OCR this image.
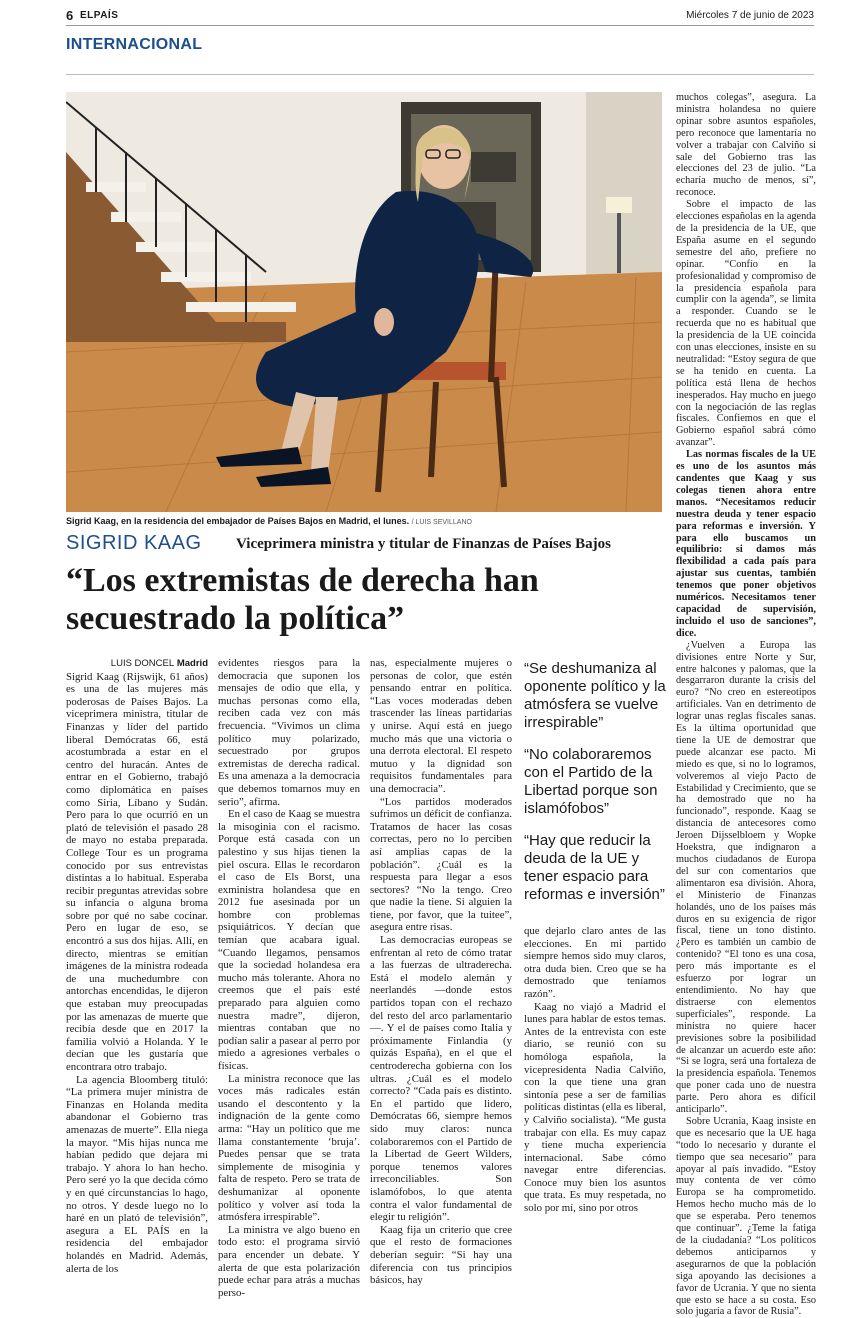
6 ELPAÍS	Miércoles 7 de junio de 2023
INTERNACIONAL
Sigrid Kaag, en la residencia del embajador de Países Bajos en Madrid, el lunes. / LUIS SEVILLANO
SIGRID KAAG Viceprimera ministra y titular de Finanzas de Países Bajos
“Los extremistas de derecha han secuestrado la política”

LUIS DONCEL Madrid

Sigrid Kaag (Rijswijk, 61 años) es una de las mujeres más poderosas de Países Bajos. La viceprimera ministra, titular de Finanzas y líder del partido liberal Demócratas 66, está acostumbrada a estar en el centro del huracán. Antes de entrar en el Gobierno, trabajó como diplomática en países como Siria, Líbano y Sudán. Pero para lo que ocurrió en un plató de televisión el pasado 28 de mayo no estaba preparada. College Tour es un programa conocido por sus entrevistas distintas a lo habitual. Esperaba recibir preguntas atrevidas sobre su infancia o alguna broma sobre por qué no sabe cocinar. Pero en lugar de eso, se encontró a sus dos hijas. Allí, en directo, mientras se emitían imágenes de la ministra rodeada de una muchedumbre con antorchas encendidas, le dijeron que estaban muy preocupadas por las amenazas de muerte que recibía desde que en 2017 la familia volvió a Holanda. Y le decían que les gustaría que encontrara otro trabajo.

La agencia Bloomberg tituló: “La primera mujer ministra de Finanzas en Holanda medita abandonar el Gobierno tras amenazas de muerte”. Ella niega la mayor. “Mis hijas nunca me habían pedido que dejara mi trabajo. Y ahora lo han hecho. Pero seré yo la que decida cómo y en qué circunstancias lo hago, no otros. Y desde luego no lo haré en un plató de televisión”, asegura a EL PAÍS en la residencia del embajador holandés en Madrid. Además, alerta de los

evidentes riesgos para la democracia que suponen los mensajes de odio que ella, y muchas personas como ella, reciben cada vez con más frecuencia. “Vivimos un clima político muy polarizado, secuestrado por grupos extremistas de derecha radical. Es una amenaza a la democracia que debemos tomarnos muy en serio”, afirma.

En el caso de Kaag se muestra la misoginia con el racismo. Porque está casada con un palestino y sus hijas tienen la piel oscura. Ellas le recordaron el caso de Els Borst, una exministra holandesa que en 2012 fue asesinada por un hombre con problemas psiquiátricos. Y decían que temían que acabara igual. “Cuando llegamos, pensamos que la sociedad holandesa era mucho más tolerante. Ahora no creemos que el país esté preparado para alguien como nuestra madre”, dijeron, mientras contaban que no podían salir a pasear al perro por miedo a agresiones verbales o físicas.

La ministra reconoce que las voces más radicales están usando el descontento y la indignación de la gente como arma: “Hay un político que me llama constantemente ‘bruja’. Puedes pensar que se trata simplemente de misoginia y falta de respeto. Pero se trata de deshumanizar al oponente político y volver así toda la atmósfera irrespirable”.

La ministra ve algo bueno en todo esto: el programa sirvió para encender un debate. Y alerta de que esta polarización puede echar para atrás a muchas perso-

nas, especialmente mujeres o personas de color, que estén pensando entrar en política. “Las voces moderadas deben trascender las líneas partidarias y unirse. Aquí está en juego mucho más que una victoria o una derrota electoral. El respeto mutuo y la dignidad son requisitos fundamentales para una democracia”.

“Los partidos moderados sufrimos un déficit de confianza. Tratamos de hacer las cosas correctas, pero no lo perciben así amplias capas de la población”. ¿Cuál es la respuesta para llegar a esos sectores? “No la tengo. Creo que nadie la tiene. Si alguien la tiene, por favor, que la tuitee”, asegura entre risas.

Las democracias europeas se enfrentan al reto de cómo tratar a las fuerzas de ultraderecha. Está el modelo alemán y neerlandés —donde estos partidos topan con el rechazo del resto del arco parlamentario—. Y el de países como Italia y próximamente Finlandia (y quizás España), en el que el centroderecha gobierna con los ultras. ¿Cuál es el modelo correcto? “Cada país es distinto. En el partido que lidero, Demócratas 66, siempre hemos sido muy claros: nunca colaboraremos con el Partido de la Libertad de Geert Wilders, porque tenemos valores irreconciliables. Son islamófobos, lo que atenta contra el valor fundamental de elegir tu religión”.

Kaag fija un criterio que cree que el resto de formaciones deberían seguir: “Si hay una diferencia con tus principios básicos, hay

“Se deshumaniza al oponente político y la atmósfera se vuelve irrespirable”

“No colaboraremos con el Partido de la Libertad porque son islamófobos”

“Hay que reducir la deuda de la UE y tener espacio para reformas e inversión”

que dejarlo claro antes de las elecciones. En mi partido siempre hemos sido muy claros, otra duda bien. Creo que se ha demostrado que teníamos razón”.

Kaag no viajó a Madrid el lunes para hablar de estos temas. Antes de la entrevista con este diario, se reunió con su homóloga española, la vicepresidenta Nadia Calviño, con la que tiene una gran sintonía pese a ser de familias políticas distintas (ella es liberal, y Calviño socialista). “Me gusta trabajar con ella. Es muy capaz y tiene mucha experiencia internacional. Sabe cómo navegar entre diferencias. Conoce muy bien los asuntos que trata. Es muy respetada, no solo por mí, sino por otros

muchos colegas”, asegura. La ministra holandesa no quiere opinar sobre asuntos españoles, pero reconoce que lamentaría no volver a trabajar con Calviño si sale del Gobierno tras las elecciones del 23 de julio. “La echaría mucho de menos, sí”, reconoce.

Sobre el impacto de las elecciones españolas en la agenda de la presidencia de la UE, que España asume en el segundo semestre del año, prefiere no opinar. “Confío en la profesionalidad y compromiso de la presidencia española para cumplir con la agenda”, se limita a responder. Cuando se le recuerda que no es habitual que la presidencia de la UE coincida con unas elecciones, insiste en su neutralidad: “Estoy segura de que se ha tenido en cuenta. La política está llena de hechos inesperados. Hay mucho en juego con la negociación de las reglas fiscales. Confiemos en que el Gobierno español sabrá cómo avanzar”.

Las normas fiscales de la UE es uno de los asuntos más candentes que Kaag y sus colegas tienen ahora entre manos. “Necesitamos reducir nuestra deuda y tener espacio para reformas e inversión. Y para ello buscamos un equilibrio: si damos más flexibilidad a cada país para ajustar sus cuentas, también tenemos que poner objetivos numéricos. Necesitamos tener capacidad de supervisión, incluido el uso de sanciones”, dice.

¿Vuelven a Europa las divisiones entre Norte y Sur, entre halcones y palomas, que la desgarraron durante la crisis del euro? “No creo en estereotipos artificiales. Van en detrimento de lograr unas reglas fiscales sanas. Es la última oportunidad que tiene la UE de demostrar que puede alcanzar ese pacto. Mi miedo es que, si no lo logramos, volveremos al viejo Pacto de Estabilidad y Crecimiento, que se ha demostrado que no ha funcionado”, responde. Kaag se distancia de antecesores como Jeroen Dijsselbloem y Wopke Hoekstra, que indignaron a muchos ciudadanos de Europa del sur con comentarios que alimentaron esa división. Ahora, el Ministerio de Finanzas holandés, uno de los países más duros en su exigencia de rigor fiscal, tiene un tono distinto. ¿Pero es también un cambio de contenido? “El tono es una cosa, pero más importante es el esfuerzo por lograr un entendimiento. No hay que distraerse con elementos superficiales”, responde. La ministra no quiere hacer previsiones sobre la posibilidad de alcanzar un acuerdo este año: “Si se logra, será una fortaleza de la presidencia española. Tenemos que poner cada uno de nuestra parte. Pero ahora es difícil anticiparlo”.

Sobre Ucrania, Kaag insiste en que es necesario que la UE haga “todo lo necesario y durante el tiempo que sea necesario” para apoyar al país invadido. “Estoy muy contenta de ver cómo Europa se ha comprometido. Hemos hecho mucho más de lo que se esperaba. Pero tenemos que continuar”. ¿Teme la fatiga de la ciudadanía? “Los políticos debemos anticiparnos y asegurarnos de que la población siga apoyando las decisiones a favor de Ucrania. Y que no sienta que esto se hace a su costa. Eso solo jugaría a favor de Rusia”.
